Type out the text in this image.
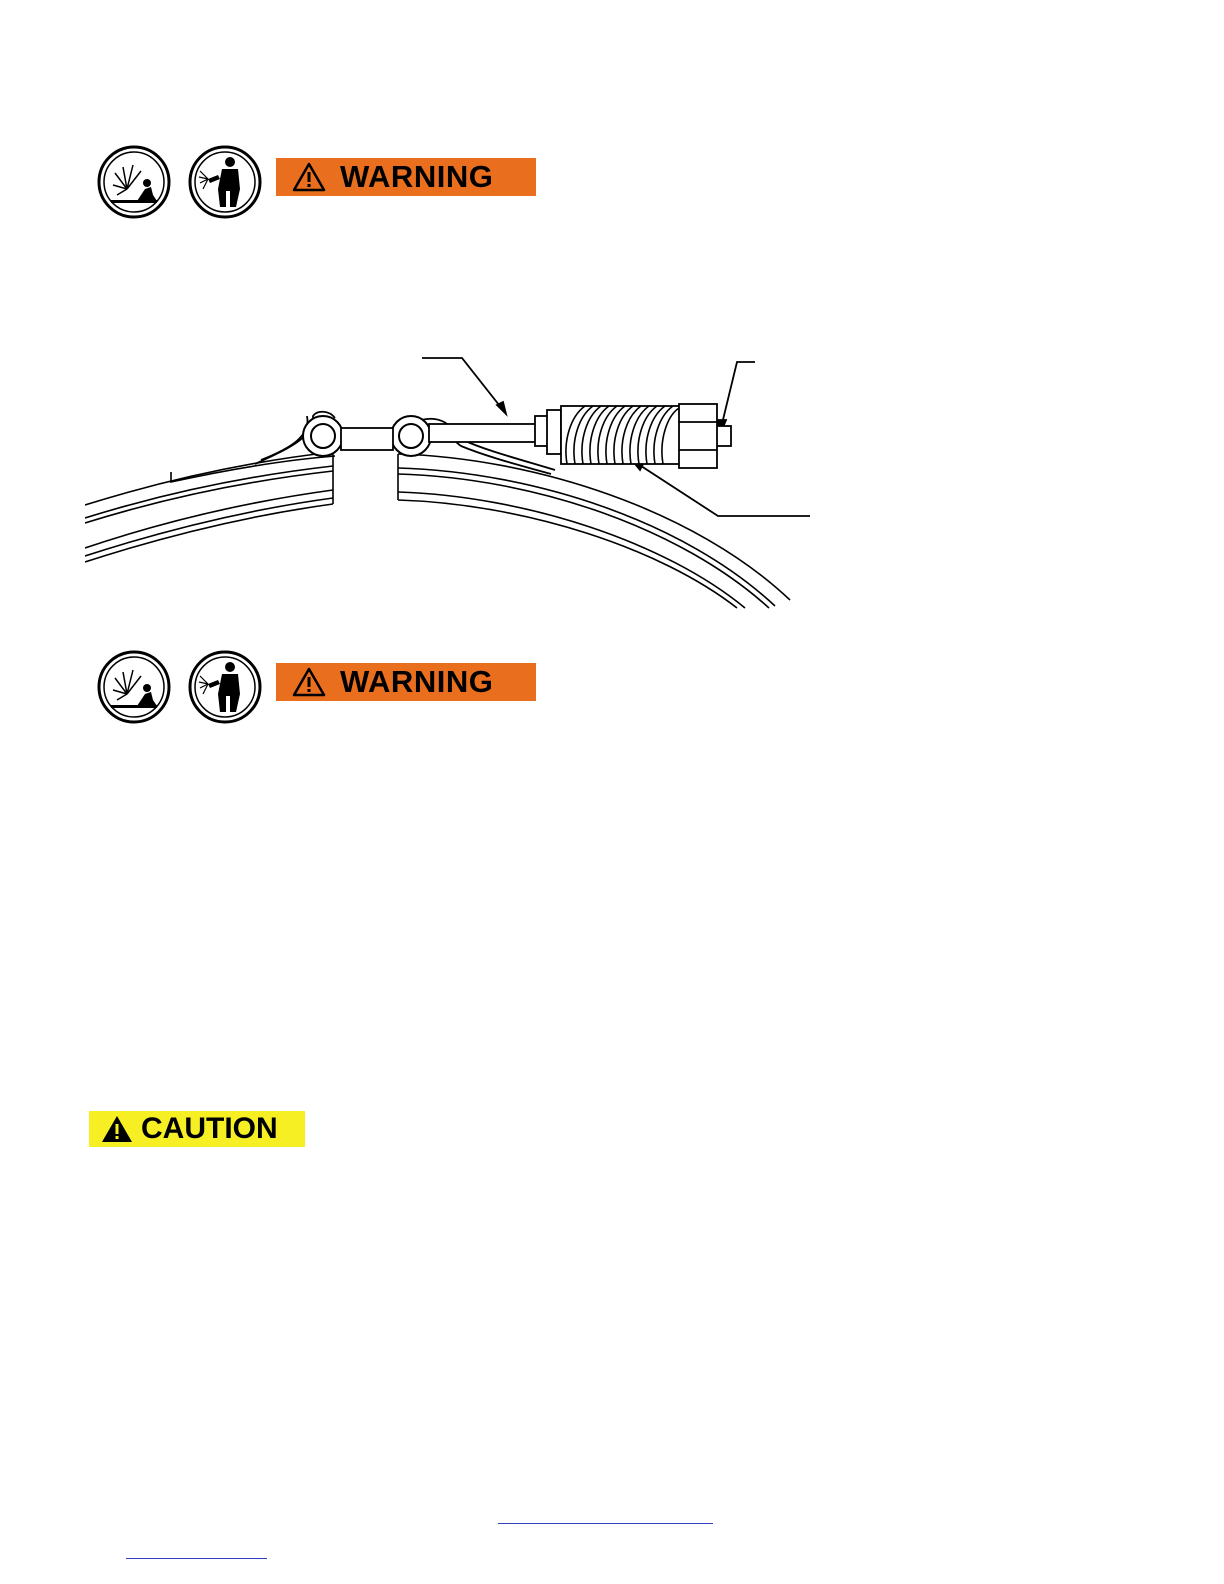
WARNING
WARNING
CAUTION
